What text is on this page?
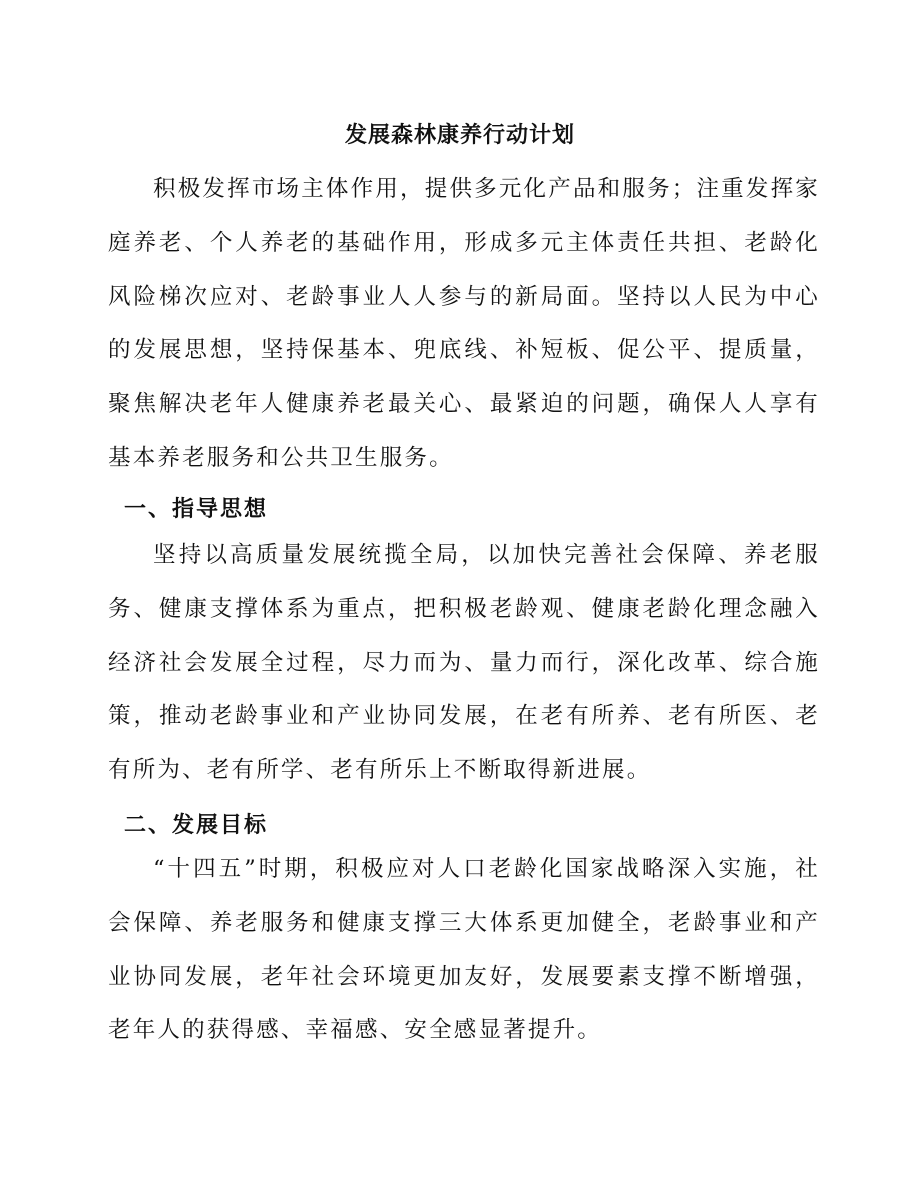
发展森林康养行动计划

积极发挥市场主体作用，提供多元化产品和服务；注重发挥家庭养老、个人养老的基础作用，形成多元主体责任共担、老龄化风险梯次应对、老龄事业人人参与的新局面。坚持以人民为中心的发展思想，坚持保基本、兜底线、补短板、促公平、提质量，聚焦解决老年人健康养老最关心、最紧迫的问题，确保人人享有基本养老服务和公共卫生服务。

一、指导思想

坚持以高质量发展统揽全局，以加快完善社会保障、养老服务、健康支撑体系为重点，把积极老龄观、健康老龄化理念融入经济社会发展全过程，尽力而为、量力而行，深化改革、综合施策，推动老龄事业和产业协同发展，在老有所养、老有所医、老有所为、老有所学、老有所乐上不断取得新进展。

二、发展目标

“十四五”时期，积极应对人口老龄化国家战略深入实施，社会保障、养老服务和健康支撑三大体系更加健全，老龄事业和产业协同发展，老年社会环境更加友好，发展要素支撑不断增强，老年人的获得感、幸福感、安全感显著提升。
